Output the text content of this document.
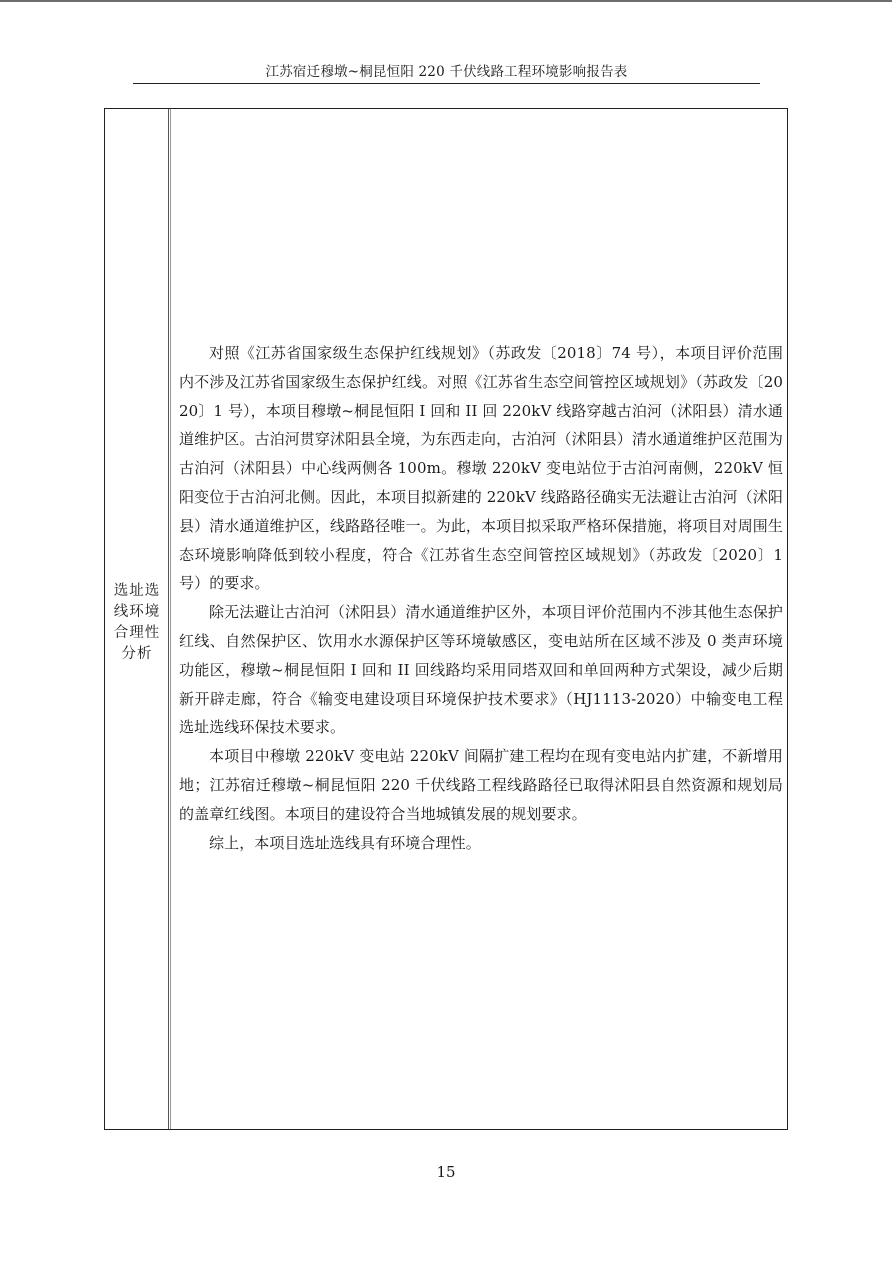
江苏宿迁穆墩~桐昆恒阳 220 千伏线路工程环境影响报告表
选址选线环境合理性分析

对照《江苏省国家级生态保护红线规划》（苏政发〔2018〕74 号），本项目评价范围内不涉及江苏省国家级生态保护红线。对照《江苏省生态空间管控区域规划》（苏政发〔2020〕1 号），本项目穆墩~桐昆恒阳 I 回和 II 回 220kV 线路穿越古泊河（沭阳县）清水通道维护区。古泊河贯穿沭阳县全境，为东西走向，古泊河（沭阳县）清水通道维护区范围为古泊河（沭阳县）中心线两侧各 100m。穆墩 220kV 变电站位于古泊河南侧，220kV 恒阳变位于古泊河北侧。因此，本项目拟新建的 220kV 线路路径确实无法避让古泊河（沭阳县）清水通道维护区，线路路径唯一。为此，本项目拟采取严格环保措施，将项目对周围生态环境影响降低到较小程度，符合《江苏省生态空间管控区域规划》（苏政发〔2020〕1 号）的要求。

除无法避让古泊河（沭阳县）清水通道维护区外，本项目评价范围内不涉其他生态保护红线、自然保护区、饮用水水源保护区等环境敏感区，变电站所在区域不涉及 0 类声环境功能区，穆墩~桐昆恒阳 I 回和 II 回线路均采用同塔双回和单回两种方式架设，减少后期新开辟走廊，符合《输变电建设项目环境保护技术要求》（HJ1113-2020）中输变电工程选址选线环保技术要求。

本项目中穆墩 220kV 变电站 220kV 间隔扩建工程均在现有变电站内扩建，不新增用地；江苏宿迁穆墩~桐昆恒阳 220 千伏线路工程线路路径已取得沭阳县自然资源和规划局的盖章红线图。本项目的建设符合当地城镇发展的规划要求。

综上，本项目选址选线具有环境合理性。

15
